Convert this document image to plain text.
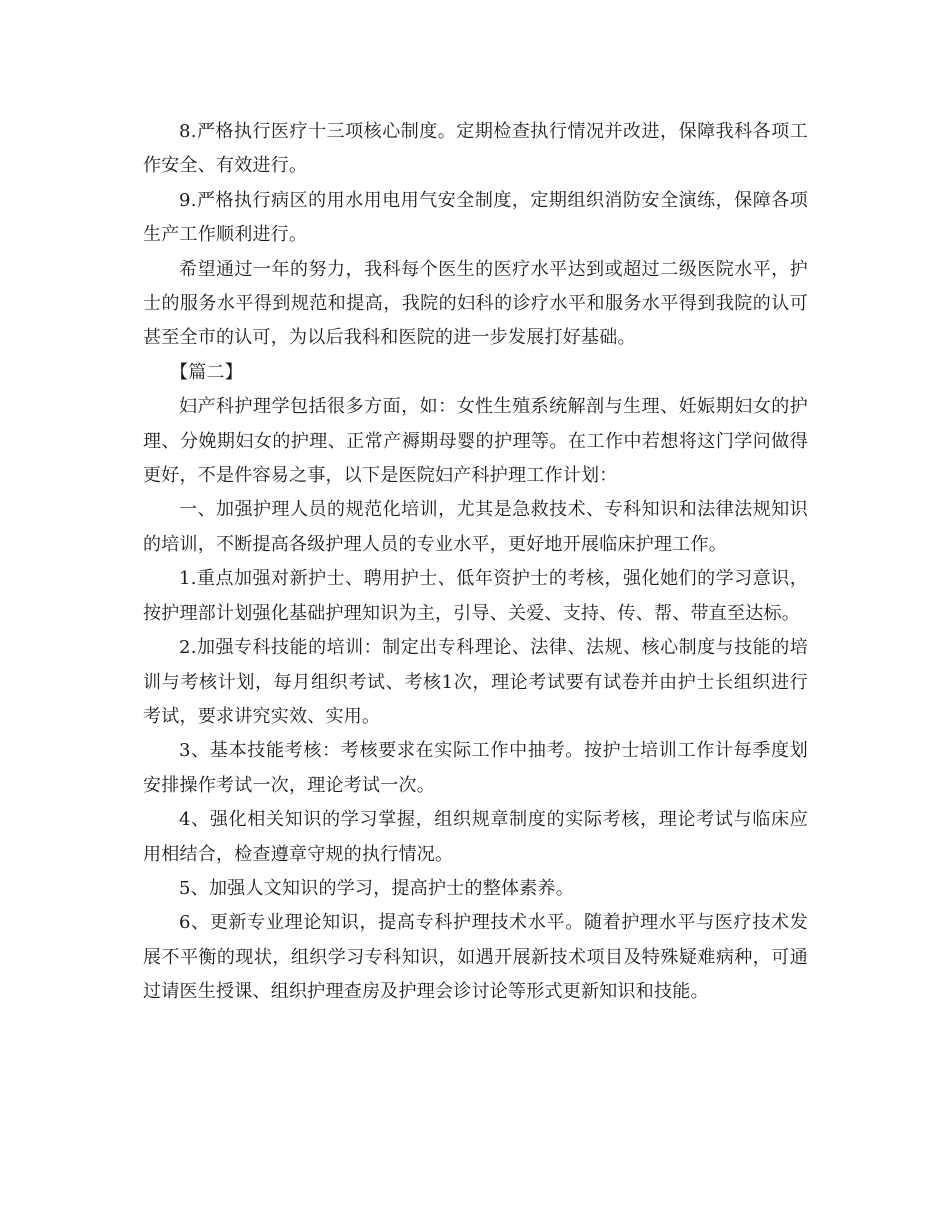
8.严格执行医疗十三项核心制度。定期检查执行情况并改进，保障我科各项工作安全、有效进行。

9.严格执行病区的用水用电用气安全制度，定期组织消防安全演练，保障各项生产工作顺利进行。

希望通过一年的努力，我科每个医生的医疗水平达到或超过二级医院水平，护士的服务水平得到规范和提高，我院的妇科的诊疗水平和服务水平得到我院的认可甚至全市的认可，为以后我科和医院的进一步发展打好基础。

【篇二】

妇产科护理学包括很多方面，如：女性生殖系统解剖与生理、妊娠期妇女的护理、分娩期妇女的护理、正常产褥期母婴的护理等。在工作中若想将这门学问做得更好，不是件容易之事，以下是医院妇产科护理工作计划：

一、加强护理人员的规范化培训，尤其是急救技术、专科知识和法律法规知识的培训，不断提高各级护理人员的专业水平，更好地开展临床护理工作。

1.重点加强对新护士、聘用护士、低年资护士的考核，强化她们的学习意识，按护理部计划强化基础护理知识为主，引导、关爱、支持、传、帮、带直至达标。

2.加强专科技能的培训：制定出专科理论、法律、法规、核心制度与技能的培训与考核计划，每月组织考试、考核1次，理论考试要有试卷并由护士长组织进行考试，要求讲究实效、实用。

3、基本技能考核：考核要求在实际工作中抽考。按护士培训工作计每季度划安排操作考试一次，理论考试一次。

4、强化相关知识的学习掌握，组织规章制度的实际考核，理论考试与临床应用相结合，检查遵章守规的执行情况。

5、加强人文知识的学习，提高护士的整体素养。

6、更新专业理论知识，提高专科护理技术水平。随着护理水平与医疗技术发展不平衡的现状，组织学习专科知识，如遇开展新技术项目及特殊疑难病种，可通过请医生授课、组织护理查房及护理会诊讨论等形式更新知识和技能。
